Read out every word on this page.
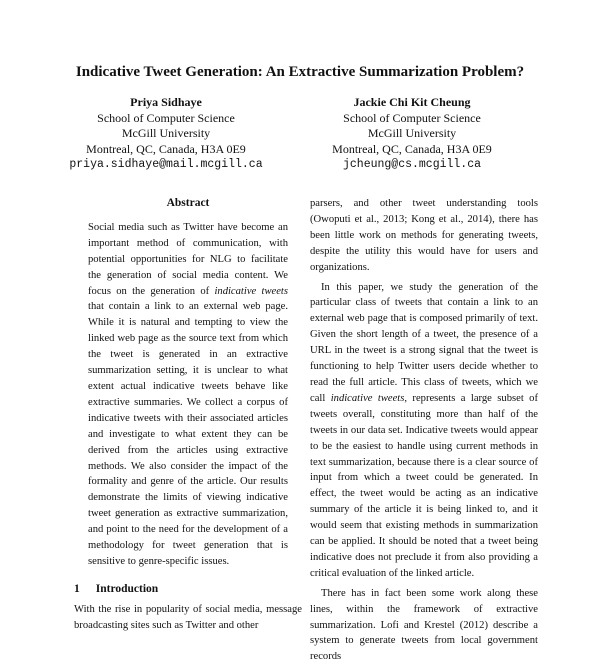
Indicative Tweet Generation: An Extractive Summarization Problem?
Priya Sidhaye
School of Computer Science
McGill University
Montreal, QC, Canada, H3A 0E9
priya.sidhaye@mail.mcgill.ca
Jackie Chi Kit Cheung
School of Computer Science
McGill University
Montreal, QC, Canada, H3A 0E9
jcheung@cs.mcgill.ca
Abstract

Social media such as Twitter have become an important method of communication, with potential opportunities for NLG to facilitate the generation of social media content. We focus on the generation of indicative tweets that contain a link to an external web page. While it is natural and tempting to view the linked web page as the source text from which the tweet is generated in an extractive summarization setting, it is unclear to what extent actual indicative tweets behave like extractive summaries. We collect a corpus of indicative tweets with their associated articles and investigate to what extent they can be derived from the articles using extractive methods. We also consider the impact of the formality and genre of the article. Our results demonstrate the limits of viewing indicative tweet generation as extractive summarization, and point to the need for the development of a methodology for tweet generation that is sensitive to genre-specific issues.

1 Introduction

With the rise in popularity of social media, message broadcasting sites such as Twitter and other

parsers, and other tweet understanding tools (Owoputi et al., 2013; Kong et al., 2014), there has been little work on methods for generating tweets, despite the utility this would have for users and organizations.

In this paper, we study the generation of the particular class of tweets that contain a link to an external web page that is composed primarily of text. Given the short length of a tweet, the presence of a URL in the tweet is a strong signal that the tweet is functioning to help Twitter users decide whether to read the full article. This class of tweets, which we call indicative tweets, represents a large subset of tweets overall, constituting more than half of the tweets in our data set. Indicative tweets would appear to be the easiest to handle using current methods in text summarization, because there is a clear source of input from which a tweet could be generated. In effect, the tweet would be acting as an indicative summary of the article it is being linked to, and it would seem that existing methods in summarization can be applied. It should be noted that a tweet being indicative does not preclude it from also providing a critical evaluation of the linked article.

There has in fact been some work along these lines, within the framework of extractive summarization. Lofi and Krestel (2012) describe a system to generate tweets from local government records
